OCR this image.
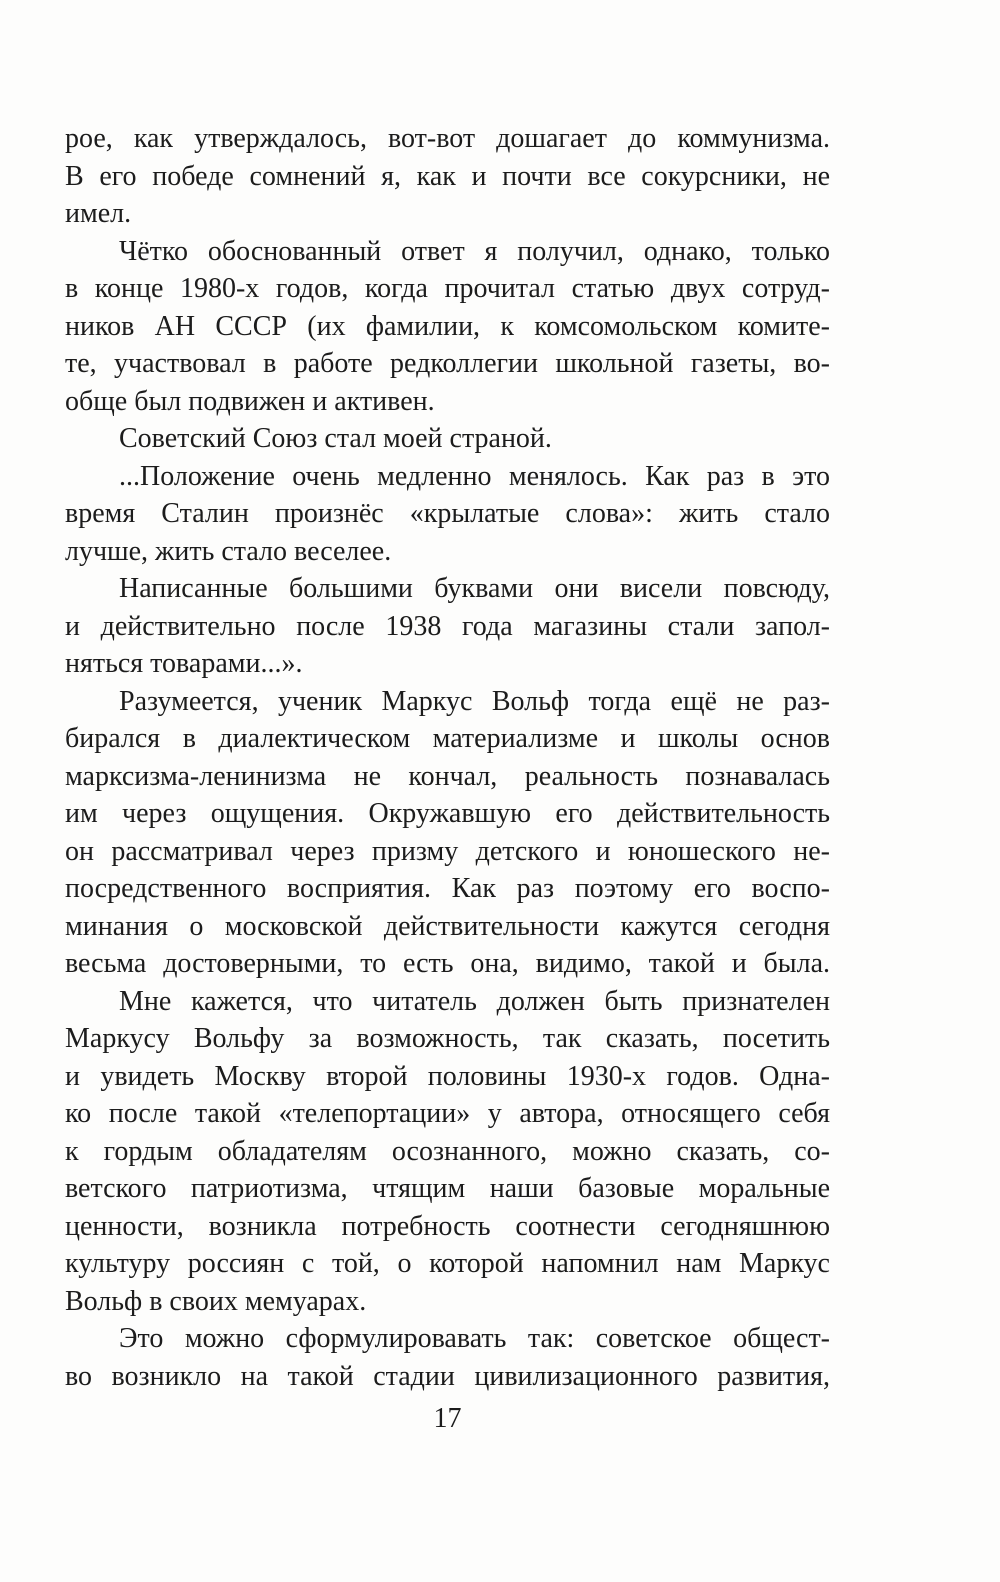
рое, как утверждалось, вот-вот дошагает до коммунизма.
В его победе сомнений я, как и почти все сокурсники, не
имел.
Чётко обоснованный ответ я получил, однако, только
в конце 1980-х годов, когда прочитал статью двух сотруд-
ников АН СССР (их фамилии, к комсомольском комите-
те, участвовал в работе редколлегии школьной газеты, во-
обще был подвижен и активен.
Советский Союз стал моей страной.
...Положение очень медленно менялось. Как раз в это
время Сталин произнёс «крылатые слова»: жить стало
лучше, жить стало веселее.
Написанные большими буквами они висели повсюду,
и действительно после 1938 года магазины стали запол-
няться товарами...».
Разумеется, ученик Маркус Вольф тогда ещё не раз-
бирался в диалектическом материализме и школы основ
марксизма-ленинизма не кончал, реальность познавалась
им через ощущения. Окружавшую его действительность
он рассматривал через призму детского и юношеского не-
посредственного восприятия. Как раз поэтому его воспо-
минания о московской действительности кажутся сегодня
весьма достоверными, то есть она, видимо, такой и была.
Мне кажется, что читатель должен быть признателен
Маркусу Вольфу за возможность, так сказать, посетить
и увидеть Москву второй половины 1930-х годов. Одна-
ко после такой «телепортации» у автора, относящего себя
к гордым обладателям осознанного, можно сказать, со-
ветского патриотизма, чтящим наши базовые моральные
ценности, возникла потребность соотнести сегодняшнюю
культуру россиян с той, о которой напомнил нам Маркус
Вольф в своих мемуарах.
Это можно сформулировавать так: советское общест-
во возникло на такой стадии цивилизационного развития,
17
